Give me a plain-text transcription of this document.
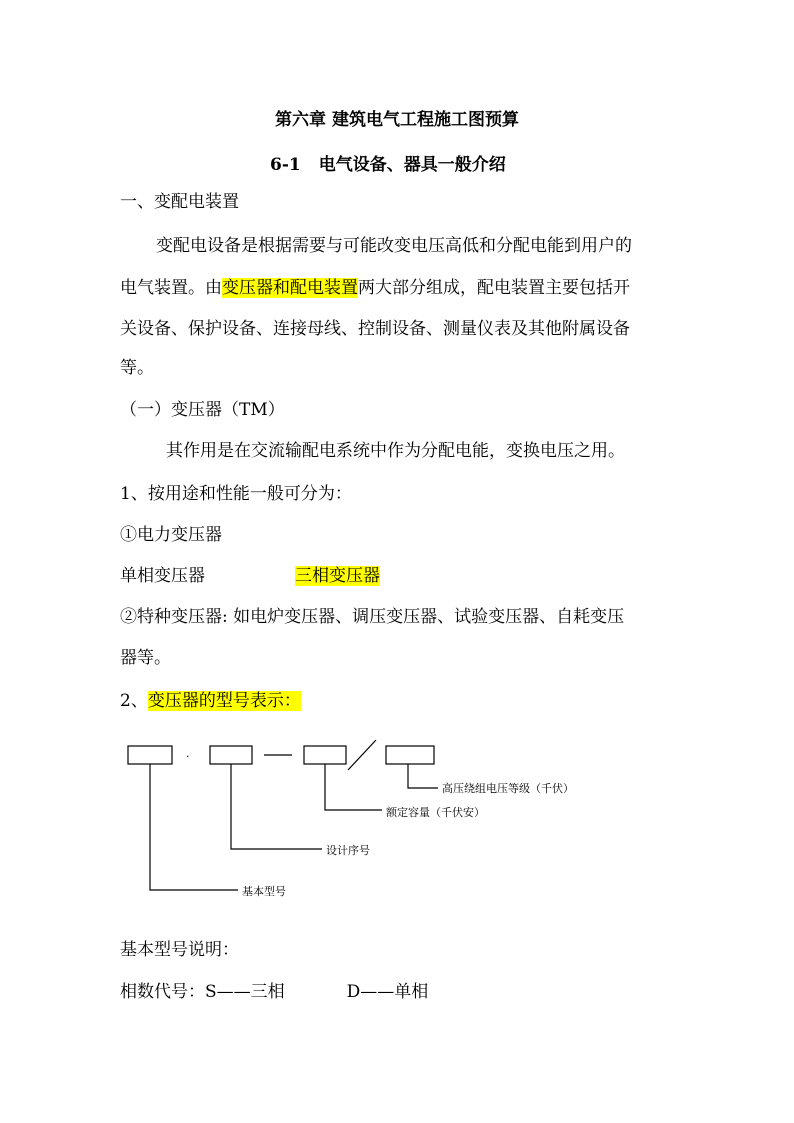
第六章 建筑电气工程施工图预算
6-1 电气设备、器具一般介绍
一、变配电装置
变配电设备是根据需要与可能改变电压高低和分配电能到用户的
电气装置。由变压器和配电装置两大部分组成，配电装置主要包括开
关设备、保护设备、连接母线、控制设备、测量仪表及其他附属设备
等。
（一）变压器（TM）
其作用是在交流输配电系统中作为分配电能，变换电压之用。
1、按用途和性能一般可分为：
①电力变压器
单相变压器	三相变压器
②特种变压器: 如电炉变压器、调压变压器、试验变压器、自耗变压
器等。
2、变压器的型号表示：
·
高压绕组电压等级（千伏）
额定容量（千伏安）
设计序号
基本型号
基本型号说明：
相数代号：S——三相	D——单相
